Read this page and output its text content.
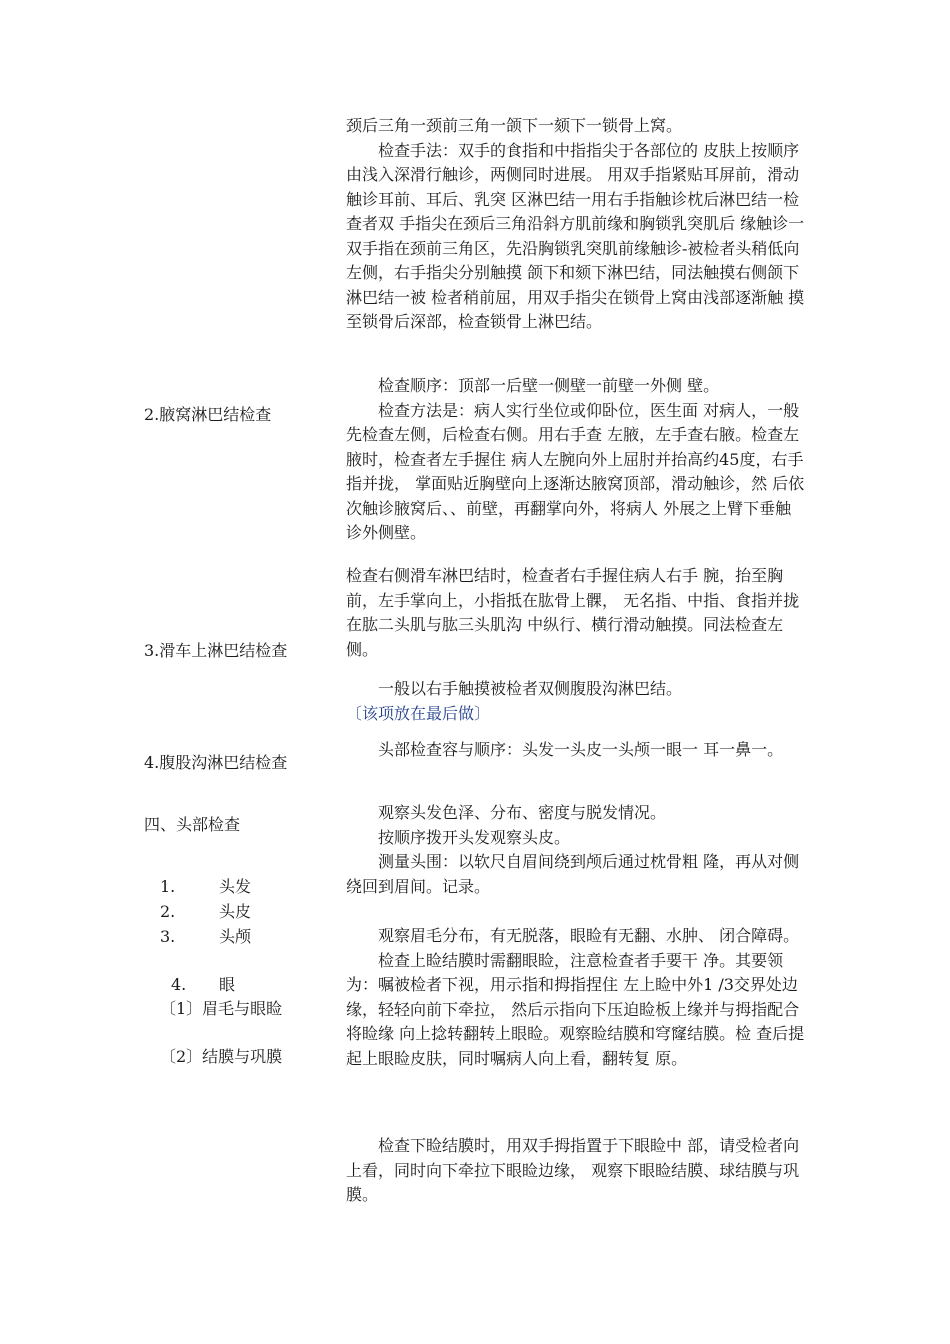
2.腋窝淋巴结检查
3.滑车上淋巴结检查
4.腹股沟淋巴结检查
四、头部检查
1.	头发
2.	头皮
3.	头颅
4. 眼
〔1〕眉毛与眼睑
〔2〕结膜与巩膜

颈后三角一颈前三角一颌下一颏下一锁骨上窝。

检查手法：双手的食指和中指指尖于各部位的 皮肤上按顺序由浅入深滑行触诊，两侧同时进展。 用双手指紧贴耳屏前，滑动触诊耳前、耳后、乳突 区淋巴结一用右手指触诊枕后淋巴结一检查者双 手指尖在颈后三角沿斜方肌前缘和胸锁乳突肌后 缘触诊一双手指在颈前三角区，先沿胸锁乳突肌前缘触诊-被检者头稍低向左侧，右手指尖分别触摸 颌下和颏下淋巴结，同法触摸右侧颌下淋巴结一被 检者稍前屈，用双手指尖在锁骨上窝由浅部逐渐触 摸至锁骨后深部，检查锁骨上淋巴结。

检查顺序：顶部一后壁一侧壁一前壁一外侧 壁。

检查方法是：病人实行坐位或仰卧位，医生面 对病人，一般先检查左侧，后检查右侧。用右手查 左腋，左手查右腋。检查左腋时，检查者左手握住 病人左腕向外上屈肘并抬高约45度，右手指并拢， 掌面贴近胸壁向上逐渐达腋窝顶部，滑动触诊，然 后依次触诊腋窝后、、前壁，再翻掌向外，将病人 外展之上臂下垂触诊外侧壁。

检查右侧滑车淋巴结时，检查者右手握住病人右手 腕，抬至胸前，左手掌向上，小指抵在肱骨上髁， 无名指、中指、食指并拢在肱二头肌与肱三头肌沟 中纵行、横行滑动触摸。同法检查左侧。

一般以右手触摸被检者双侧腹股沟淋巴结。

〔该项放在最后做〕

头部检查容与顺序：头发一头皮一头颅一眼一 耳一鼻一。

观察头发色泽、分布、密度与脱发情况。

按顺序拨开头发观察头皮。

测量头围：以软尺自眉间绕到颅后通过枕骨粗 隆，再从对侧绕回到眉间。记录。

观察眉毛分布，有无脱落，眼睑有无翻、水肿、 闭合障碍。

检查上睑结膜时需翻眼睑，注意检查者手要干 净。其要领为：嘱被检者下视，用示指和拇指捏住 左上睑中外1 /3交界处边缘，轻轻向前下牵拉， 然后示指向下压迫睑板上缘并与拇指配合将睑缘 向上捻转翻转上眼睑。观察睑结膜和穹窿结膜。检 查后提起上眼睑皮肤，同时嘱病人向上看，翻转复 原。

检查下睑结膜时，用双手拇指置于下眼睑中 部，请受检者向上看，同时向下牵拉下眼睑边缘， 观察下眼睑结膜、球结膜与巩膜。
